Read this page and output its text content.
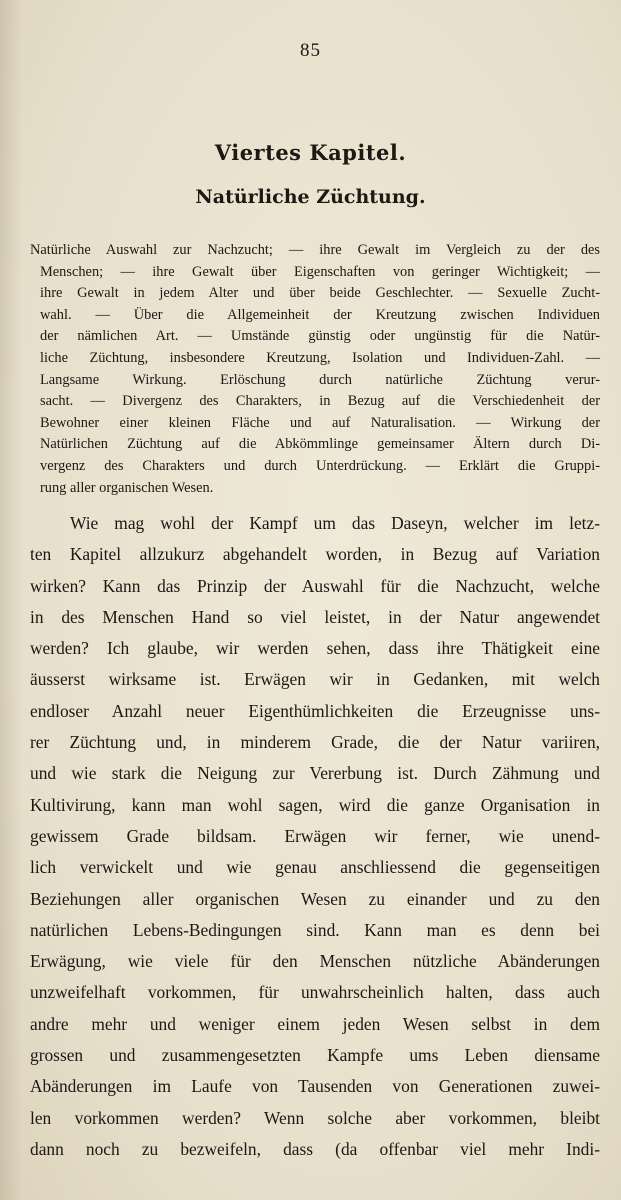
85
Viertes Kapitel.
Natürliche Züchtung.
Natürliche Auswahl zur Nachzucht; — ihre Gewalt im Vergleich zu der des
Menschen; — ihre Gewalt über Eigenschaften von geringer Wichtigkeit; —
ihre Gewalt in jedem Alter und über beide Geschlechter. — Sexuelle Zucht-
wahl. — Über die Allgemeinheit der Kreutzung zwischen Individuen
der nämlichen Art. — Umstände günstig oder ungünstig für die Natür-
liche Züchtung, insbesondere Kreutzung, Isolation und Individuen-Zahl. —
Langsame Wirkung. Erlöschung durch natürliche Züchtung verur-
sacht. — Divergenz des Charakters, in Bezug auf die Verschiedenheit der
Bewohner einer kleinen Fläche und auf Naturalisation. — Wirkung der
Natürlichen Züchtung auf die Abkömmlinge gemeinsamer Ältern durch Di-
vergenz des Charakters und durch Unterdrückung. — Erklärt die Gruppi-
rung aller organischen Wesen.
Wie mag wohl der Kampf um das Daseyn, welcher im letz-
ten Kapitel allzukurz abgehandelt worden, in Bezug auf Variation
wirken? Kann das Prinzip der Auswahl für die Nachzucht, welche
in des Menschen Hand so viel leistet, in der Natur angewendet
werden? Ich glaube, wir werden sehen, dass ihre Thätigkeit eine
äusserst wirksame ist. Erwägen wir in Gedanken, mit welch
endloser Anzahl neuer Eigenthümlichkeiten die Erzeugnisse uns-
rer Züchtung und, in minderem Grade, die der Natur variiren,
und wie stark die Neigung zur Vererbung ist. Durch Zähmung und
Kultivirung, kann man wohl sagen, wird die ganze Organisation in
gewissem Grade bildsam. Erwägen wir ferner, wie unend-
lich verwickelt und wie genau anschliessend die gegenseitigen
Beziehungen aller organischen Wesen zu einander und zu den
natürlichen Lebens-Bedingungen sind. Kann man es denn bei
Erwägung, wie viele für den Menschen nützliche Abänderungen
unzweifelhaft vorkommen, für unwahrscheinlich halten, dass auch
andre mehr und weniger einem jeden Wesen selbst in dem
grossen und zusammengesetzten Kampfe ums Leben diensame
Abänderungen im Laufe von Tausenden von Generationen zuwei-
len vorkommen werden? Wenn solche aber vorkommen, bleibt
dann noch zu bezweifeln, dass (da offenbar viel mehr Indi-
